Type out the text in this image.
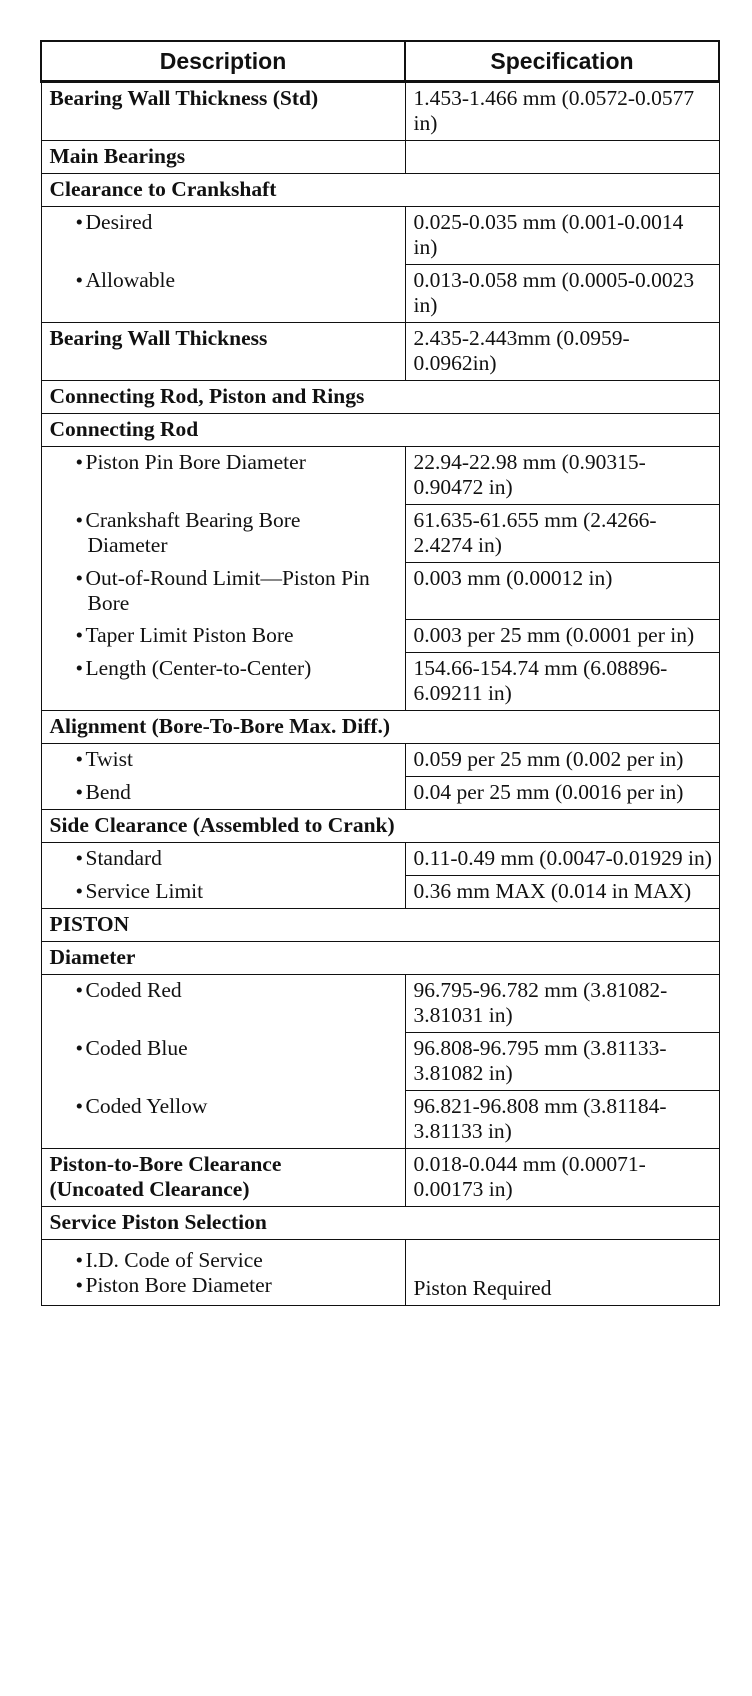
Description	Specification
Bearing Wall Thickness (Std)	1.453-1.466 mm (0.0572-0.0577 in)
Main Bearings	
Clearance to Crankshaft	
• Desired	0.025-0.035 mm (0.001-0.0014 in)
• Allowable	0.013-0.058 mm (0.0005-0.0023 in)
Bearing Wall Thickness	2.435-2.443mm (0.0959-0.0962in)
Connecting Rod, Piston and Rings	
Connecting Rod	
• Piston Pin Bore Diameter	22.94-22.98 mm (0.90315-0.90472 in)
• Crankshaft Bearing Bore Diameter	61.635-61.655 mm (2.4266-2.4274 in)
• Out-of-Round Limit—Piston Pin Bore	0.003 mm (0.00012 in)
• Taper Limit Piston Bore	0.003 per 25 mm (0.0001 per in)
• Length (Center-to-Center)	154.66-154.74 mm (6.08896-6.09211 in)
Alignment (Bore-To-Bore Max. Diff.)	
• Twist	0.059 per 25 mm (0.002 per in)
• Bend	0.04 per 25 mm (0.0016 per in)
Side Clearance (Assembled to Crank)	
• Standard	0.11-0.49 mm (0.0047-0.01929 in)
• Service Limit	0.36 mm MAX (0.014 in MAX)
PISTON	
Diameter	
• Coded Red	96.795-96.782 mm (3.81082-3.81031 in)
• Coded Blue	96.808-96.795 mm (3.81133-3.81082 in)
• Coded Yellow	96.821-96.808 mm (3.81184-3.81133 in)
Piston-to-Bore Clearance (Uncoated Clearance)	0.018-0.044 mm (0.00071-0.00173 in)
Service Piston Selection	

• I.D. Code of Service
• Piston Bore Diameter	Piston Required
